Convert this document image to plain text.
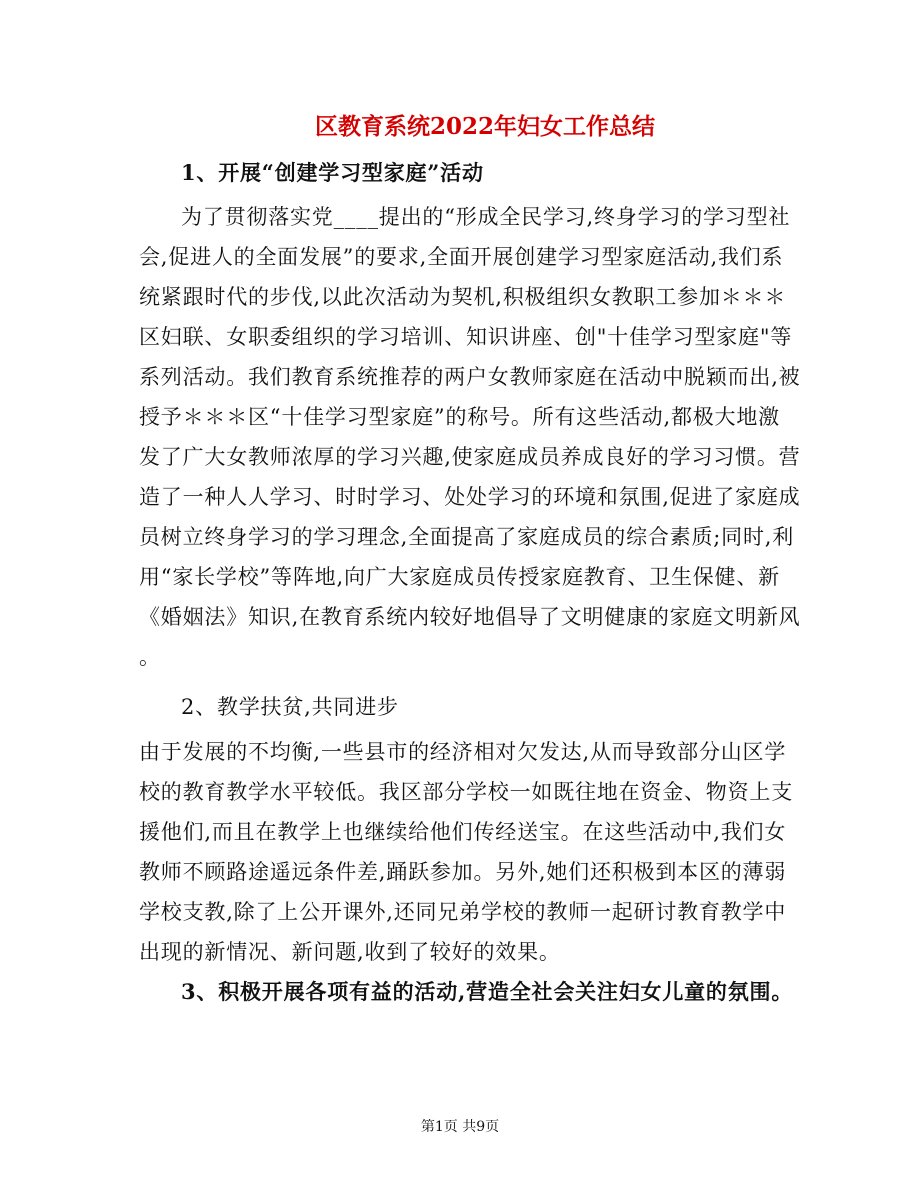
区教育系统2022年妇女工作总结
1、开展“创建学习型家庭”活动
为了贯彻落实党____提出的“形成全民学习,终身学习的学习型社
会,促进人的全面发展”的要求,全面开展创建学习型家庭活动,我们系
统紧跟时代的步伐,以此次活动为契机,积极组织女教职工参加＊＊＊
区妇联、女职委组织的学习培训、知识讲座、创"十佳学习型家庭"等
系列活动。我们教育系统推荐的两户女教师家庭在活动中脱颖而出,被
授予＊＊＊区“十佳学习型家庭”的称号。所有这些活动,都极大地激
发了广大女教师浓厚的学习兴趣,使家庭成员养成良好的学习习惯。营
造了一种人人学习、时时学习、处处学习的环境和氛围,促进了家庭成
员树立终身学习的学习理念,全面提高了家庭成员的综合素质;同时,利
用“家长学校”等阵地,向广大家庭成员传授家庭教育、卫生保健、新
《婚姻法》知识,在教育系统内较好地倡导了文明健康的家庭文明新风
。
2、教学扶贫,共同进步
由于发展的不均衡,一些县市的经济相对欠发达,从而导致部分山区学
校的教育教学水平较低。我区部分学校一如既往地在资金、物资上支
援他们,而且在教学上也继续给他们传经送宝。在这些活动中,我们女
教师不顾路途遥远条件差,踊跃参加。另外,她们还积极到本区的薄弱
学校支教,除了上公开课外,还同兄弟学校的教师一起研讨教育教学中
出现的新情况、新问题,收到了较好的效果。
3、积极开展各项有益的活动,营造全社会关注妇女儿童的氛围。
第1页 共9页
